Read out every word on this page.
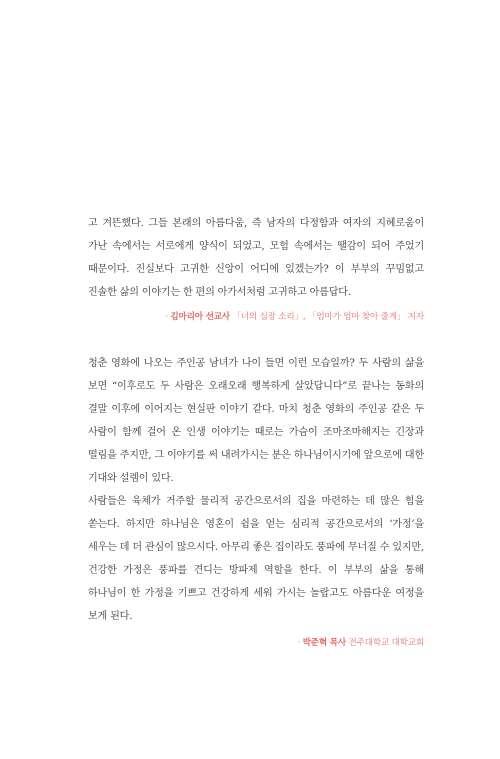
고 겨뜬했다. 그들 본래의 아름다움, 즉 남자의 다정함과 여자의 지혜로움이 가난 속에서는 서로에게 양식이 되었고, 모험 속에서는 땔감이 되어 주었기 때문이다. 진실보다 고귀한 신앙이 어디에 있겠는가? 이 부부의 꾸밈없고 진솔한 삶의 이야기는 한 편의 아가서처럼 고귀하고 아름답다.

· 김마리아 선교사 「너의 심장 소리」, 「엄마가 엄마 찾아 줄게」 저자

청춘 영화에 나오는 주인공 남녀가 나이 들면 이런 모습일까? 두 사람의 삶을 보면 “이후로도 두 사람은 오래오래 행복하게 살았답니다”로 끝나는 동화의 결말 이후에 이어지는 현실판 이야기 같다. 마치 청춘 영화의 주인공 같은 두 사람이 함께 걸어 온 인생 이야기는 때로는 가슴이 조마조마해지는 긴장과 떨림을 주지만, 그 이야기를 써 내려가시는 분은 하나님이시기에 앞으로에 대한 기대와 설렘이 있다.

사람들은 육체가 거주할 물리적 공간으로서의 집을 마련하는 데 많은 힘을 쏟는다. 하지만 하나님은 영혼이 쉼을 얻는 심리적 공간으로서의 ‘가정’을 세우는 데 더 관심이 많으시다. 아무리 좋은 집이라도 풍파에 무너질 수 있지만, 건강한 가정은 풍파를 견디는 방파제 역할을 한다. 이 부부의 삶을 통해 하나님이 한 가정을 기쁘고 건강하게 세워 가시는 놀랍고도 아름다운 여정을 보게 된다.

· 박준혁 목사 전주대학교 대학교회
